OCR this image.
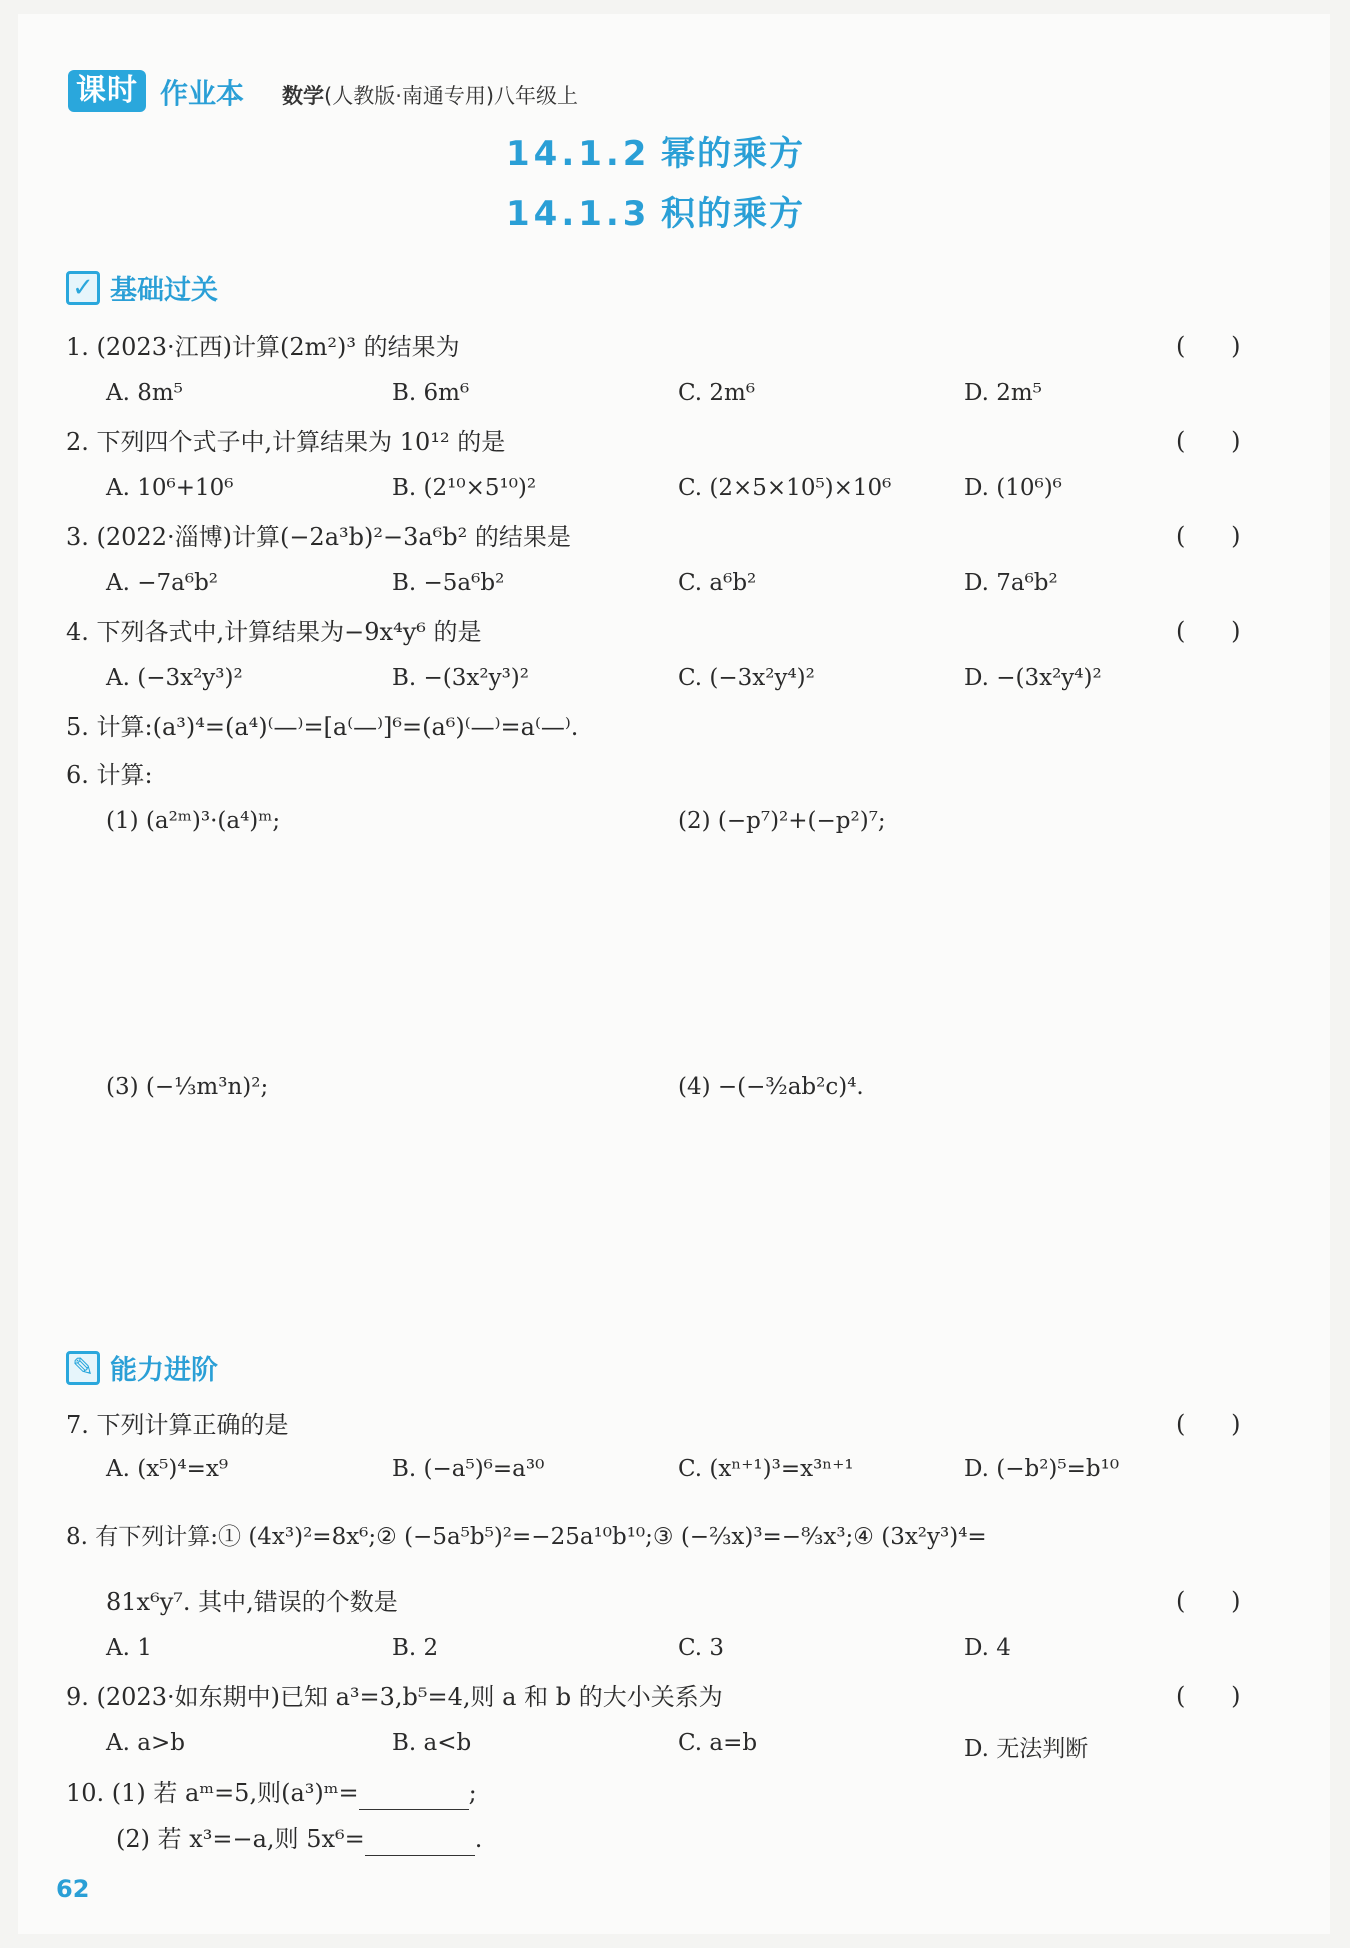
课时 作业本 数学(人教版·南通专用)八年级上
14.1.2 幂的乘方
14.1.3 积的乘方
✓ 基础过关
1. (2023·江西)计算(2m²)³ 的结果为	(      )
A. 8m⁵	B. 6m⁶	C. 2m⁶	D. 2m⁵
2. 下列四个式子中,计算结果为 10¹² 的是	(      )
A. 10⁶+10⁶	B. (2¹⁰×5¹⁰)²	C. (2×5×10⁵)×10⁶	D. (10⁶)⁶
3. (2022·淄博)计算(−2a³b)²−3a⁶b² 的结果是	(      )
A. −7a⁶b²	B. −5a⁶b²	C. a⁶b²	D. 7a⁶b²
4. 下列各式中,计算结果为−9x⁴y⁶ 的是	(      )
A. (−3x²y³)²	B. −(3x²y³)²	C. (−3x²y⁴)²	D. −(3x²y⁴)²
5. 计算:(a³)⁴=(a⁴)⁽—⁾=[a⁽—⁾]⁶=(a⁶)⁽—⁾=a⁽—⁾.
6. 计算:
(1) (a²ᵐ)³·(a⁴)ᵐ;	(2) (−p⁷)²+(−p²)⁷;
(3) (−⅓m³n)²;	(4) −(−³⁄₂ab²c)⁴.
✎ 能力进阶
7. 下列计算正确的是	(      )
A. (x⁵)⁴=x⁹	B. (−a⁵)⁶=a³⁰	C. (xⁿ⁺¹)³=x³ⁿ⁺¹	D. (−b²)⁵=b¹⁰
8. 有下列计算:① (4x³)²=8x⁶;② (−5a⁵b⁵)²=−25a¹⁰b¹⁰;③ (−⅔x)³=−⁸⁄₃x³;④ (3x²y³)⁴=
81x⁶y⁷. 其中,错误的个数是	(      )
A. 1	B. 2	C. 3	D. 4
9. (2023·如东期中)已知 a³=3,b⁵=4,则 a 和 b 的大小关系为	(      )
A. a>b	B. a<b	C. a=b	D. 无法判断
10. (1) 若 aᵐ=5,则(a³)ᵐ=	;
(2) 若 x³=−a,则 5x⁶=	.
62
